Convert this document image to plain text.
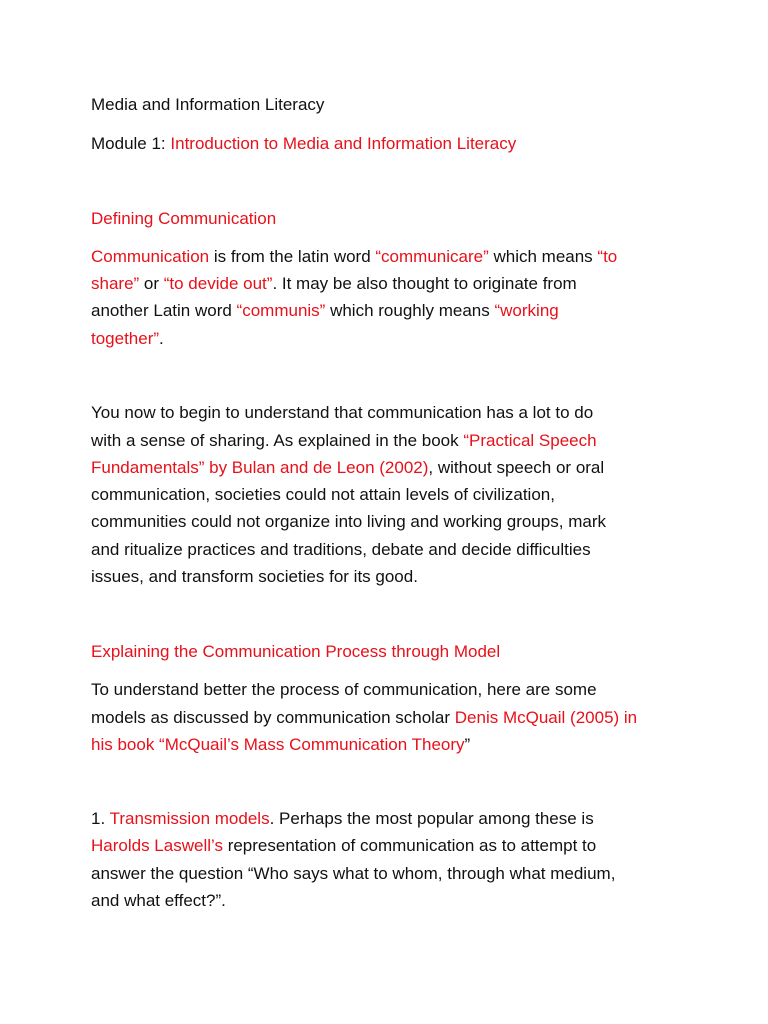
Media and Information Literacy
Module 1: Introduction to Media and Information Literacy
Defining Communication
Communication is from the latin word “communicare” which means “to
share” or “to devide out”. It may be also thought to originate from
another Latin word “communis” which roughly means “working
together”.
You now to begin to understand that communication has a lot to do
with a sense of sharing. As explained in the book “Practical Speech
Fundamentals” by Bulan and de Leon (2002), without speech or oral
communication, societies could not attain levels of civilization,
communities could not organize into living and working groups, mark
and ritualize practices and traditions, debate and decide difficulties
issues, and transform societies for its good.
Explaining the Communication Process through Model
To understand better the process of communication, here are some
models as discussed by communication scholar Denis McQuail (2005) in
his book “McQuail’s Mass Communication Theory”
1. Transmission models. Perhaps the most popular among these is
Harolds Laswell’s representation of communication as to attempt to
answer the question “Who says what to whom, through what medium,
and what effect?”.
